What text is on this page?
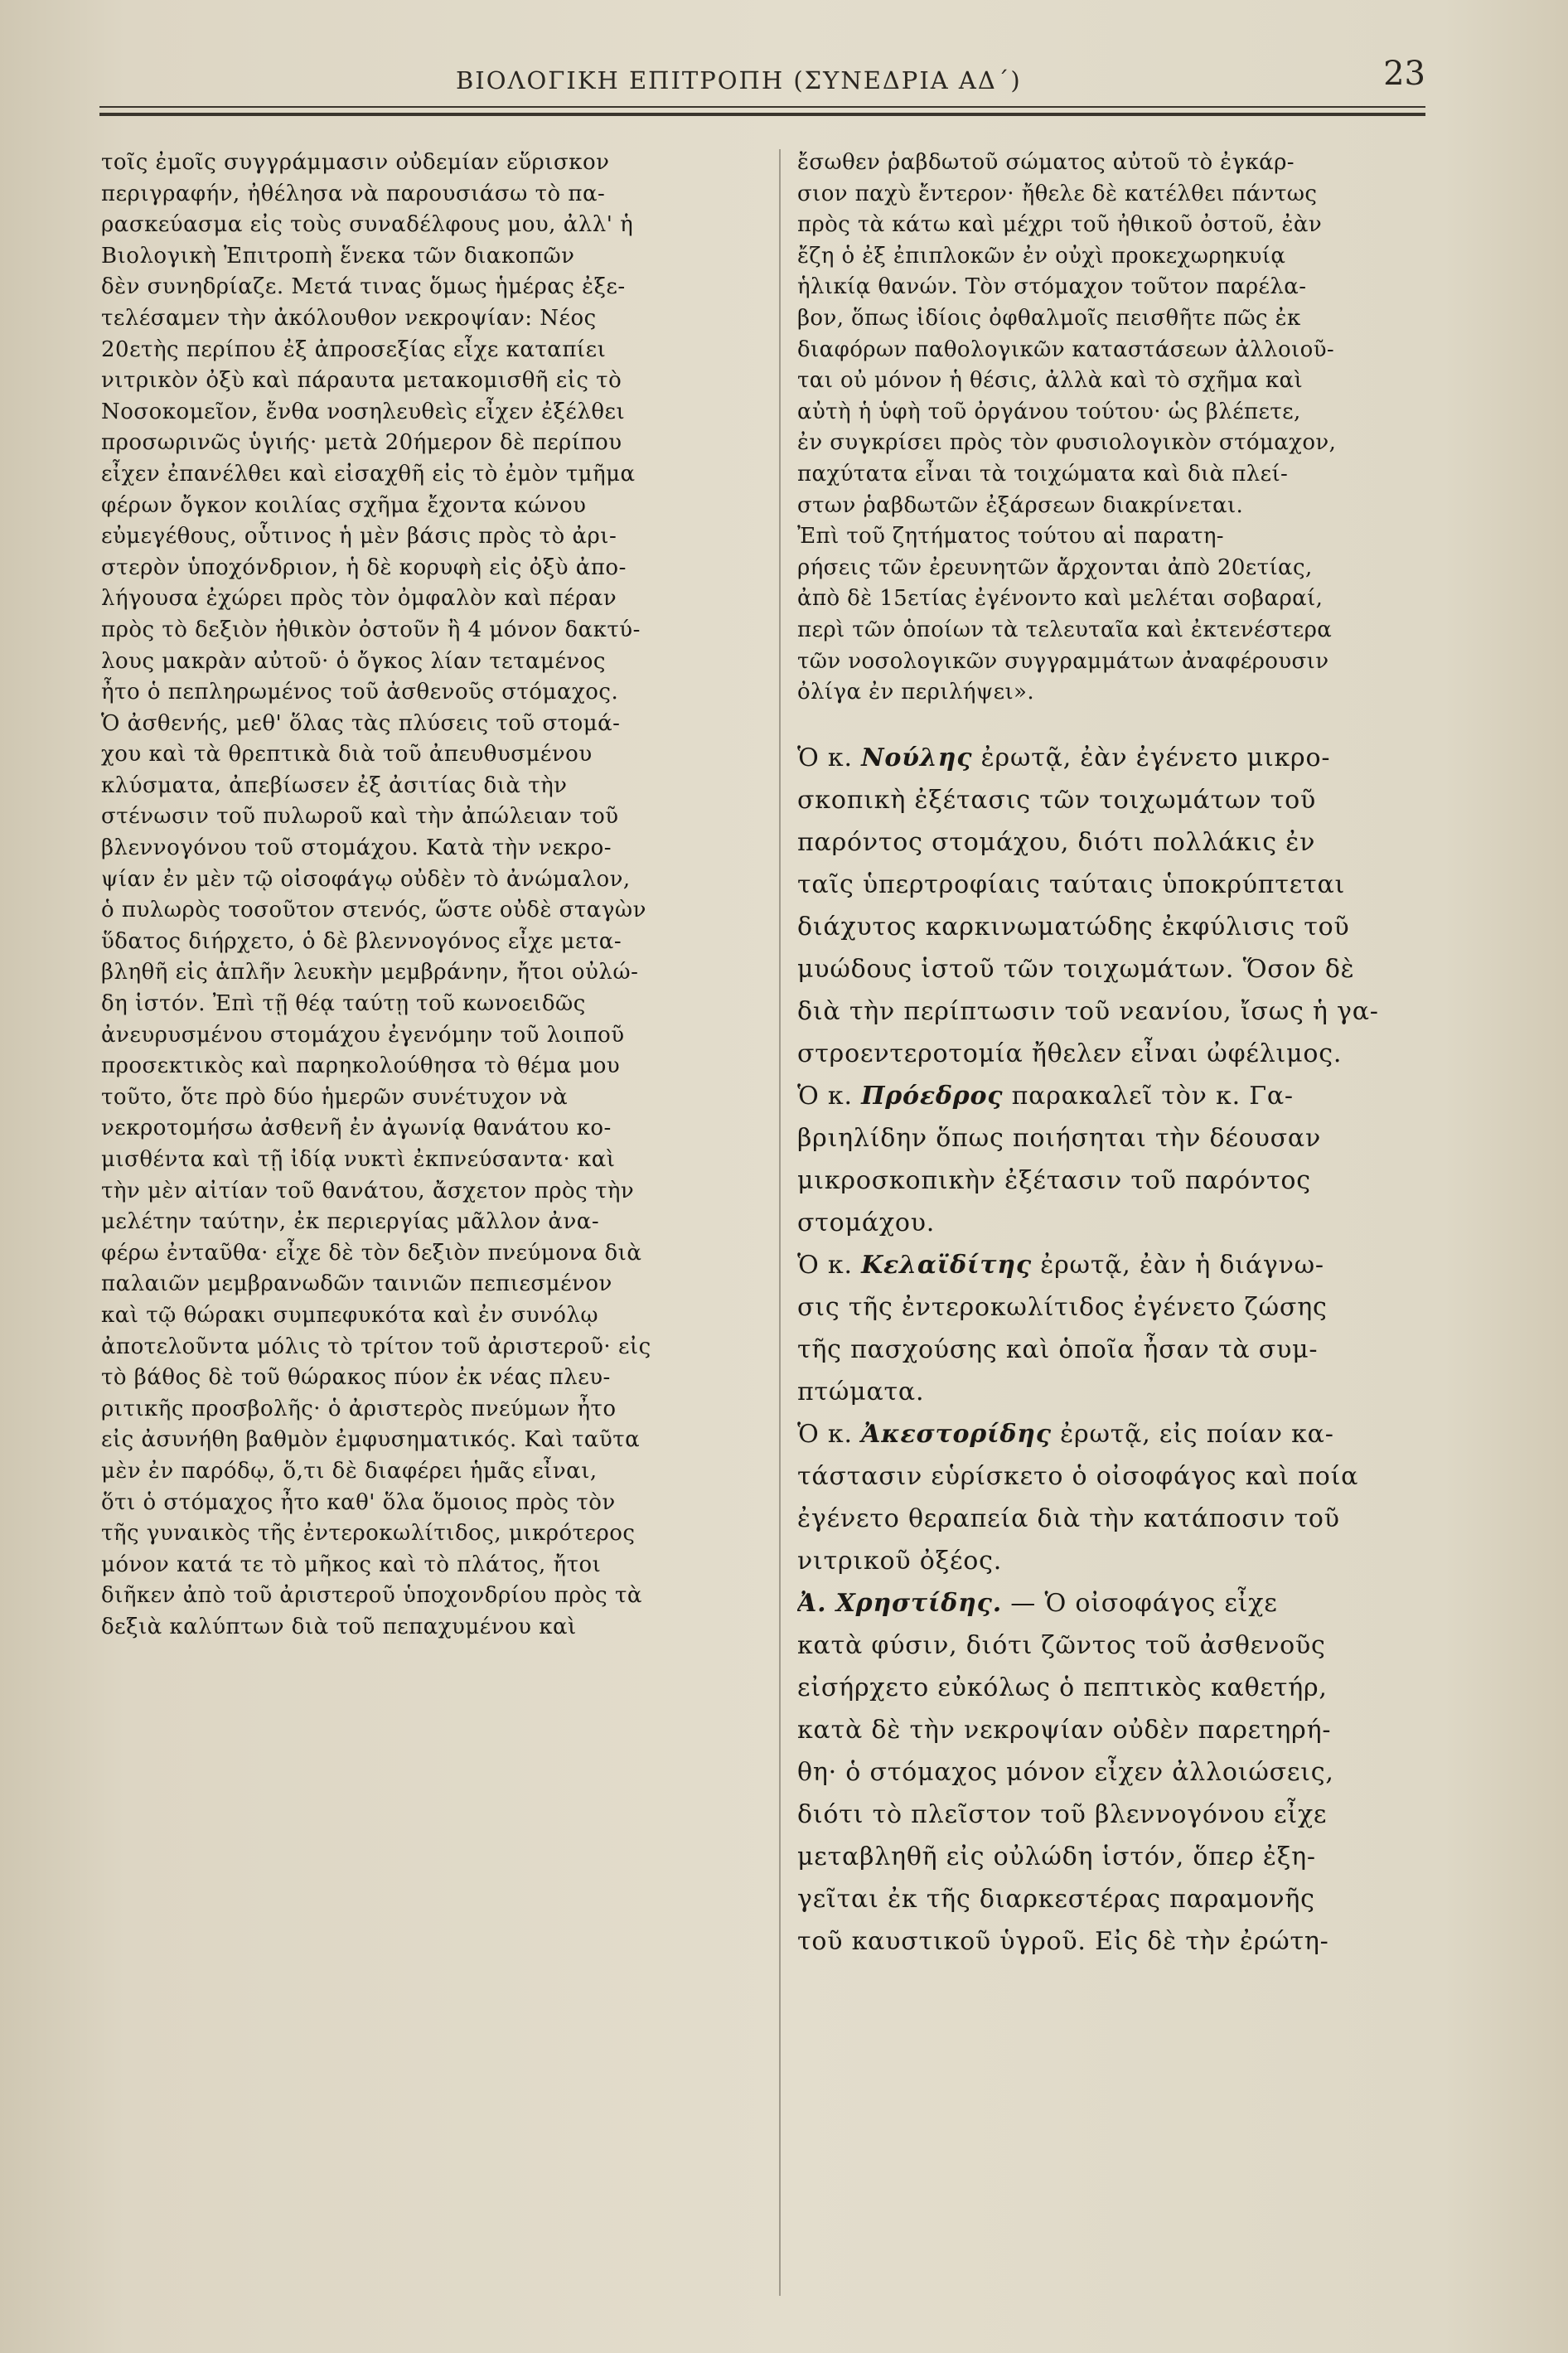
ΒΙΟΛΟΓΙΚΗ ΕΠΙΤΡΟΠΗ (ΣΥΝΕΔΡΙΑ ΑΔ΄)	23
τοῖς ἐμοῖς συγγράμμασιν οὐδεμίαν εὕρισκον
περιγραφήν, ἠθέλησα νὰ παρουσιάσω τὸ πα-
ρασκεύασμα εἰς τοὺς συναδέλφους μου, ἀλλ' ἡ
Βιολογικὴ Ἐπιτροπὴ ἕνεκα τῶν διακοπῶν
δὲν συνηδρίαζε. Μετά τινας ὅμως ἡμέρας ἐξε-
τελέσαμεν τὴν ἀκόλουθον νεκροψίαν: Νέος
20ετὴς περίπου ἐξ ἀπροσεξίας εἶχε καταπίει
νιτρικὸν ὀξὺ καὶ πάραυτα μετακομισθῆ εἰς τὸ
Νοσοκομεῖον, ἔνθα νοσηλευθεὶς εἶχεν ἐξέλθει
προσωρινῶς ὑγιής· μετὰ 20ήμερον δὲ περίπου
εἶχεν ἐπανέλθει καὶ εἰσαχθῆ εἰς τὸ ἐμὸν τμῆμα
φέρων ὄγκον κοιλίας σχῆμα ἔχοντα κώνου
εὐμεγέθους, οὗτινος ἡ μὲν βάσις πρὸς τὸ ἀρι-
στερὸν ὑποχόνδριον, ἡ δὲ κορυφὴ εἰς ὀξὺ ἀπο-
λήγουσα ἐχώρει πρὸς τὸν ὀμφαλὸν καὶ πέραν
πρὸς τὸ δεξιὸν ἠθικὸν ὀστοῦν ἢ 4 μόνον δακτύ-
λους μακρὰν αὐτοῦ· ὁ ὄγκος λίαν τεταμένος
ἦτο ὁ πεπληρωμένος τοῦ ἀσθενοῦς στόμαχος.
Ὁ ἀσθενής, μεθ' ὅλας τὰς πλύσεις τοῦ στομά-
χου καὶ τὰ θρεπτικὰ διὰ τοῦ ἀπευθυσμένου
κλύσματα, ἀπεβίωσεν ἐξ ἀσιτίας διὰ τὴν
στένωσιν τοῦ πυλωροῦ καὶ τὴν ἀπώλειαν τοῦ
βλεννογόνου τοῦ στομάχου. Κατὰ τὴν νεκρο-
ψίαν ἐν μὲν τῷ οἰσοφάγῳ οὐδὲν τὸ ἀνώμαλον,
ὁ πυλωρὸς τοσοῦτον στενός, ὥστε οὐδὲ σταγὼν
ὕδατος διήρχετο, ὁ δὲ βλεννογόνος εἶχε μετα-
βληθῆ εἰς ἁπλῆν λευκὴν μεμβράνην, ἤτοι οὐλώ-
δη ἱστόν. Ἐπὶ τῇ θέᾳ ταύτῃ τοῦ κωνοειδῶς
ἀνευρυσμένου στομάχου ἐγενόμην τοῦ λοιποῦ
προσεκτικὸς καὶ παρηκολούθησα τὸ θέμα μου
τοῦτο, ὅτε πρὸ δύο ἡμερῶν συνέτυχον νὰ
νεκροτομήσω ἀσθενῆ ἐν ἀγωνίᾳ θανάτου κο-
μισθέντα καὶ τῇ ἰδίᾳ νυκτὶ ἐκπνεύσαντα· καὶ
τὴν μὲν αἰτίαν τοῦ θανάτου, ἄσχετον πρὸς τὴν
μελέτην ταύτην, ἐκ περιεργίας μᾶλλον ἀνα-
φέρω ἐνταῦθα· εἶχε δὲ τὸν δεξιὸν πνεύμονα διὰ
παλαιῶν μεμβρανωδῶν ταινιῶν πεπιεσμένον
καὶ τῷ θώρακι συμπεφυκότα καὶ ἐν συνόλῳ
ἀποτελοῦντα μόλις τὸ τρίτον τοῦ ἀριστεροῦ· εἰς
τὸ βάθος δὲ τοῦ θώρακος πύον ἐκ νέας πλευ-
ριτικῆς προσβολῆς· ὁ ἀριστερὸς πνεύμων ἦτο
εἰς ἀσυνήθη βαθμὸν ἐμφυσηματικός. Καὶ ταῦτα
μὲν ἐν παρόδῳ, ὅ,τι δὲ διαφέρει ἡμᾶς εἶναι,
ὅτι ὁ στόμαχος ἦτο καθ' ὅλα ὅμοιος πρὸς τὸν
τῆς γυναικὸς τῆς ἐντεροκωλίτιδος, μικρότερος
μόνον κατά τε τὸ μῆκος καὶ τὸ πλάτος, ἤτοι
διῆκεν ἀπὸ τοῦ ἀριστεροῦ ὑποχονδρίου πρὸς τὰ
δεξιὰ καλύπτων διὰ τοῦ πεπαχυμένου καὶ
ἔσωθεν ῥαβδωτοῦ σώματος αὐτοῦ τὸ ἐγκάρ-
σιον παχὺ ἔντερον· ἤθελε δὲ κατέλθει πάντως
πρὸς τὰ κάτω καὶ μέχρι τοῦ ἠθικοῦ ὀστοῦ, ἐὰν
ἔζη ὁ ἐξ ἐπιπλοκῶν ἐν οὐχὶ προκεχωρηκυίᾳ
ἡλικίᾳ θανών. Τὸν στόμαχον τοῦτον παρέλα-
βον, ὅπως ἰδίοις ὀφθαλμοῖς πεισθῆτε πῶς ἐκ
διαφόρων παθολογικῶν καταστάσεων ἀλλοιοῦ-
ται οὐ μόνον ἡ θέσις, ἀλλὰ καὶ τὸ σχῆμα καὶ
αὐτὴ ἡ ὑφὴ τοῦ ὀργάνου τούτου· ὡς βλέπετε,
ἐν συγκρίσει πρὸς τὸν φυσιολογικὸν στόμαχον,
παχύτατα εἶναι τὰ τοιχώματα καὶ διὰ πλεί-
στων ῥαβδωτῶν ἐξάρσεων διακρίνεται.
Ἐπὶ τοῦ ζητήματος τούτου αἱ παρατη-
ρήσεις τῶν ἐρευνητῶν ἄρχονται ἀπὸ 20ετίας,
ἀπὸ δὲ 15ετίας ἐγένοντο καὶ μελέται σοβαραί,
περὶ τῶν ὁποίων τὰ τελευταῖα καὶ ἐκτενέστερα
τῶν νοσολογικῶν συγγραμμάτων ἀναφέρουσιν
ὀλίγα ἐν περιλήψει».
Ὁ κ. Νούλης ἐρωτᾷ, ἐὰν ἐγένετο μικρο-
σκοπικὴ ἐξέτασις τῶν τοιχωμάτων τοῦ
παρόντος στομάχου, διότι πολλάκις ἐν
ταῖς ὑπερτροφίαις ταύταις ὑποκρύπτεται
διάχυτος καρκινωματώδης ἐκφύλισις τοῦ
μυώδους ἱστοῦ τῶν τοιχωμάτων. Ὅσον δὲ
διὰ τὴν περίπτωσιν τοῦ νεανίου, ἴσως ἡ γα-
στροεντεροτομία ἤθελεν εἶναι ὠφέλιμος.
Ὁ κ. Πρόεδρος παρακαλεῖ τὸν κ. Γα-
βριηλίδην ὅπως ποιήσηται τὴν δέουσαν
μικροσκοπικὴν ἐξέτασιν τοῦ παρόντος
στομάχου.
Ὁ κ. Κελαϊδίτης ἐρωτᾷ, ἐὰν ἡ διάγνω-
σις τῆς ἐντεροκωλίτιδος ἐγένετο ζώσης
τῆς πασχούσης καὶ ὁποῖα ἦσαν τὰ συμ-
πτώματα.
Ὁ κ. Ἀκεστορίδης ἐρωτᾷ, εἰς ποίαν κα-
τάστασιν εὑρίσκετο ὁ οἰσοφάγος καὶ ποία
ἐγένετο θεραπεία διὰ τὴν κατάποσιν τοῦ
νιτρικοῦ ὀξέος.
Ἀ. Χρηστίδης. — Ὁ οἰσοφάγος εἶχε
κατὰ φύσιν, διότι ζῶντος τοῦ ἀσθενοῦς
εἰσήρχετο εὐκόλως ὁ πεπτικὸς καθετήρ,
κατὰ δὲ τὴν νεκροψίαν οὐδὲν παρετηρή-
θη· ὁ στόμαχος μόνον εἶχεν ἀλλοιώσεις,
διότι τὸ πλεῖστον τοῦ βλεννογόνου εἶχε
μεταβληθῆ εἰς οὐλώδη ἱστόν, ὅπερ ἐξη-
γεῖται ἐκ τῆς διαρκεστέρας παραμονῆς
τοῦ καυστικοῦ ὑγροῦ. Εἰς δὲ τὴν ἐρώτη-
